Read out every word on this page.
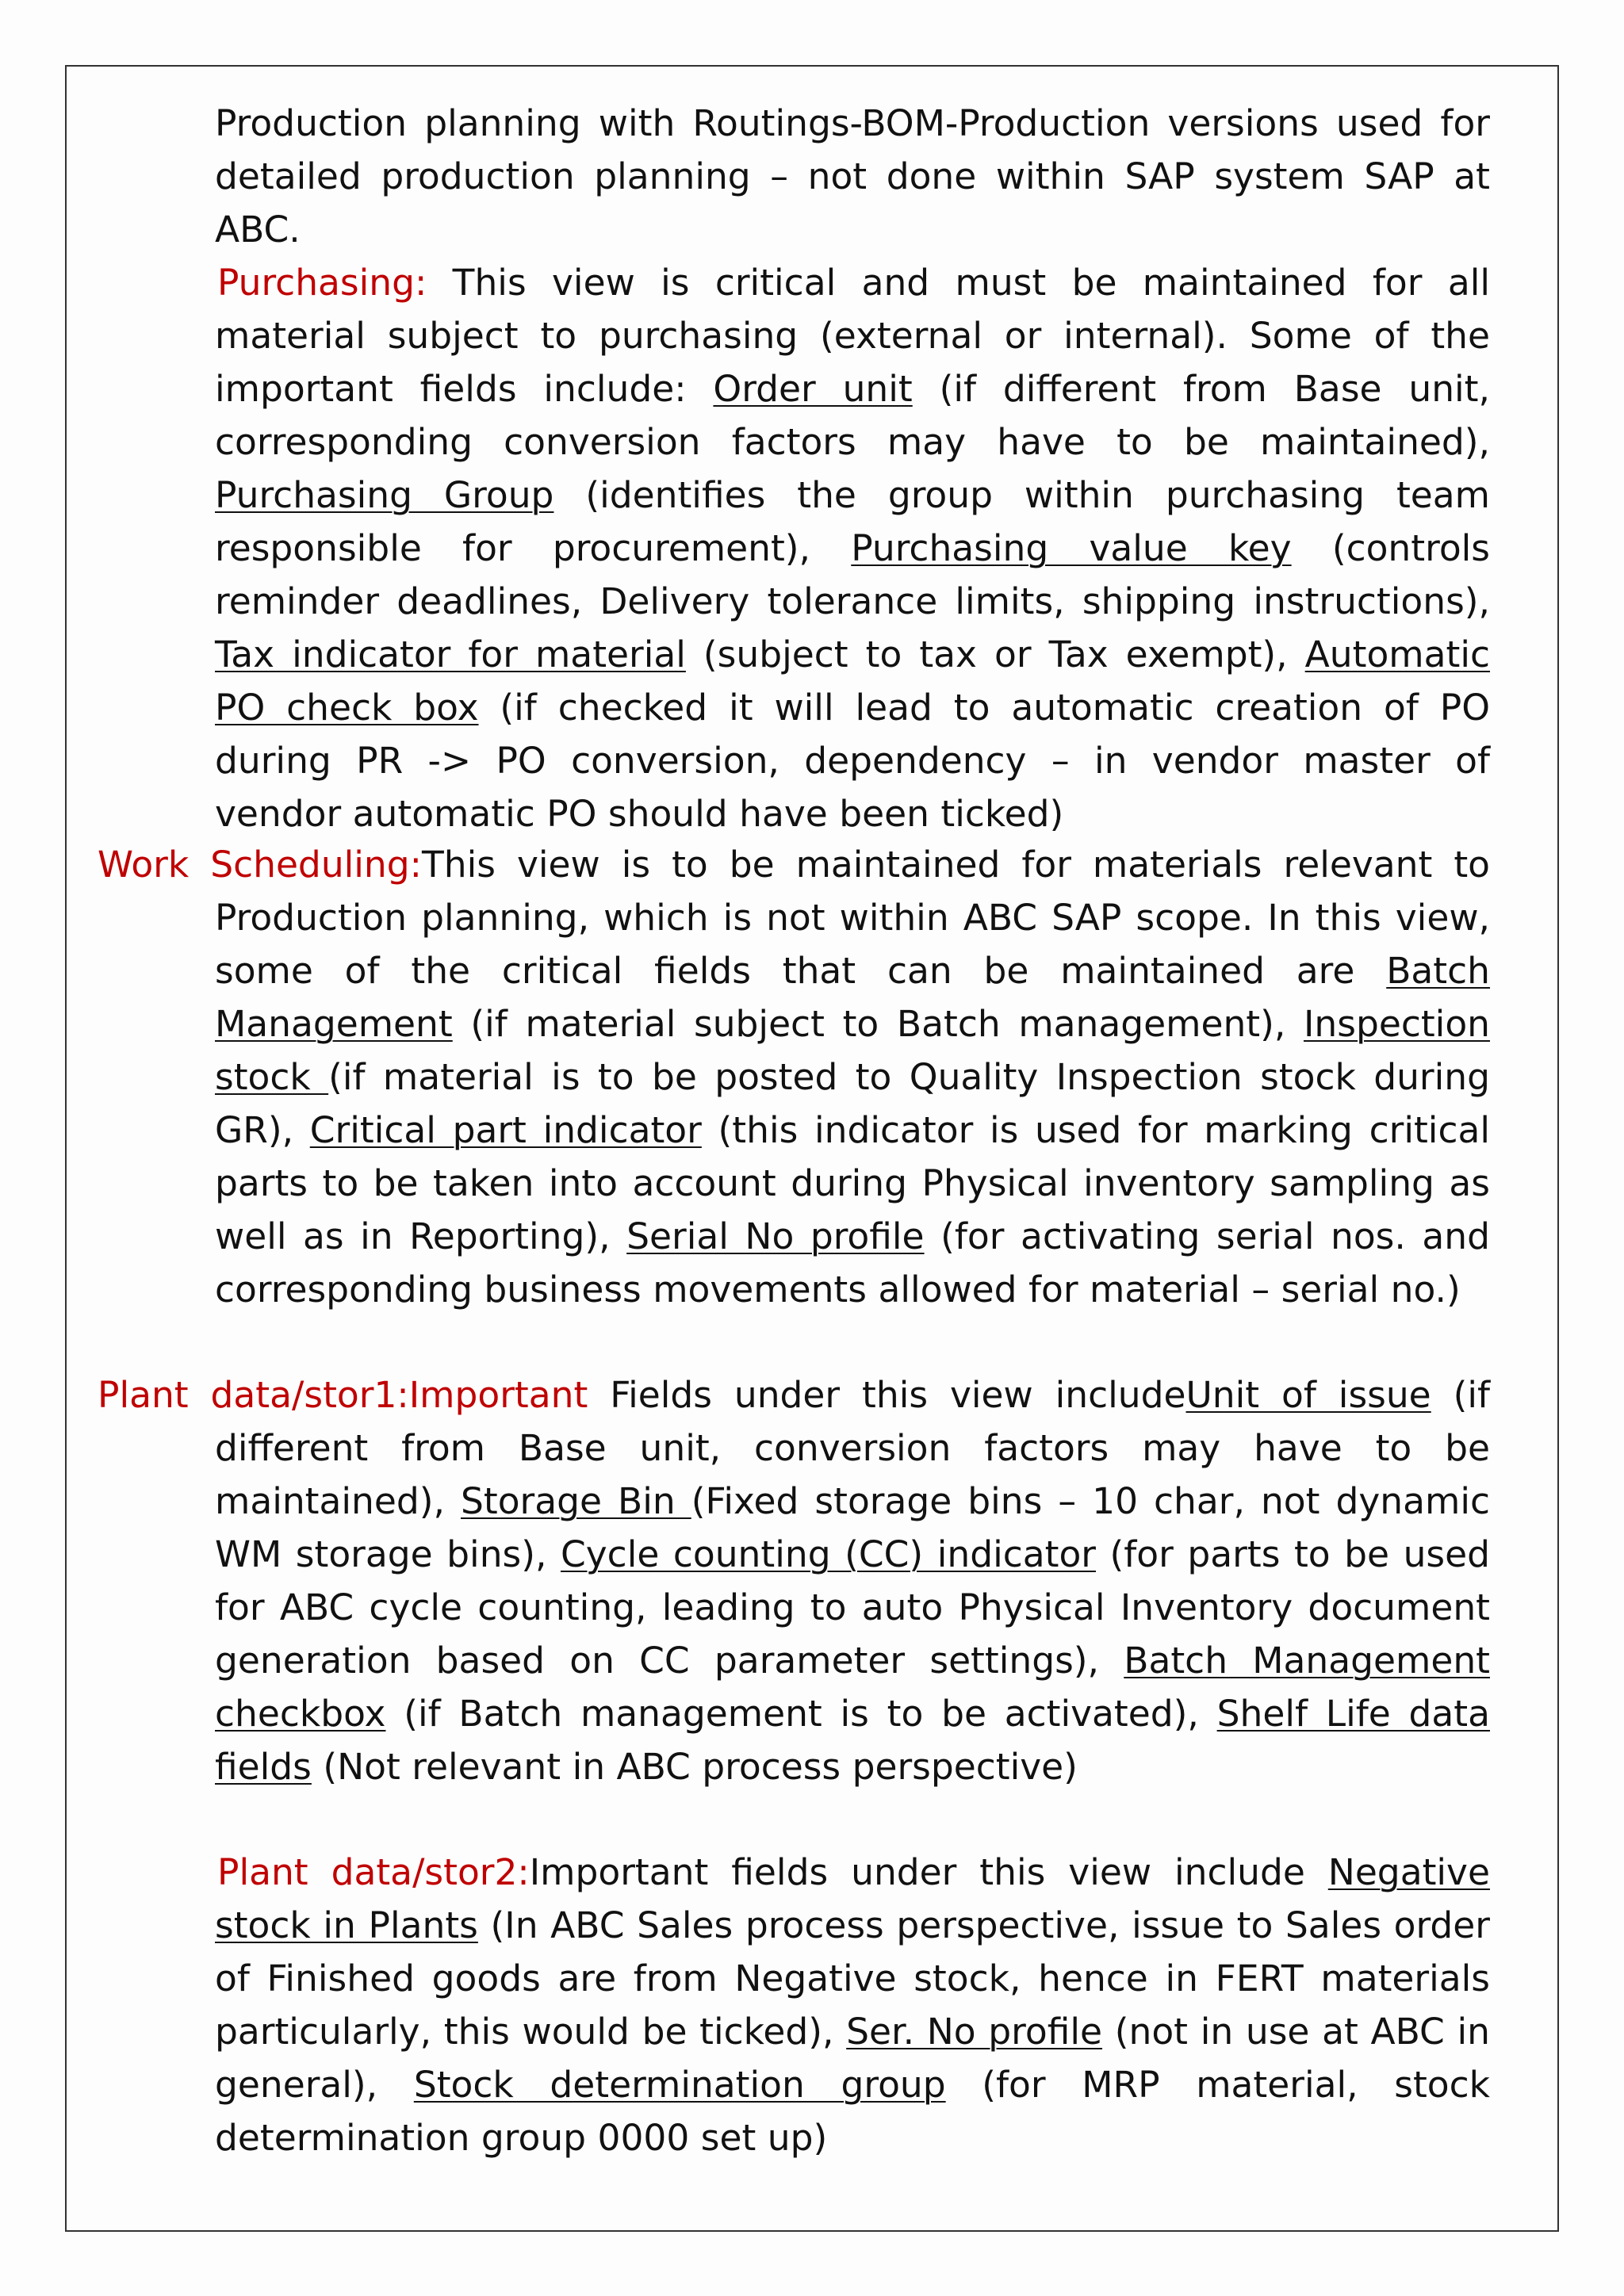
Production planning with Routings-BOM-Production versions used for detailed production planning – not done within SAP system SAP at ABC.

Purchasing: This view is critical and must be maintained for all material subject to purchasing (external or internal). Some of the important fields include: Order unit (if different from Base unit, corresponding conversion factors may have to be maintained), Purchasing Group (identifies the group within purchasing team responsible for procurement), Purchasing value key (controls reminder deadlines, Delivery tolerance limits, shipping instructions), Tax indicator for material (subject to tax or Tax exempt), Automatic PO check box (if checked it will lead to automatic creation of PO during PR -> PO conversion, dependency – in vendor master of vendor automatic PO should have been ticked)

Work Scheduling:This view is to be maintained for materials relevant to Production planning, which is not within ABC SAP scope. In this view, some of the critical fields that can be maintained are Batch Management (if material subject to Batch management), Inspection stock (if material is to be posted to Quality Inspection stock during GR), Critical part indicator (this indicator is used for marking critical parts to be taken into account during Physical inventory sampling as well as in Reporting), Serial No profile (for activating serial nos. and corresponding business movements allowed for material – serial no.)

Plant data/stor1:Important Fields under this view includeUnit of issue (if different from Base unit, conversion factors may have to be maintained), Storage Bin (Fixed storage bins – 10 char, not dynamic WM storage bins), Cycle counting (CC) indicator (for parts to be used for ABC cycle counting, leading to auto Physical Inventory document generation based on CC parameter settings), Batch Management checkbox (if Batch management is to be activated), Shelf Life data fields (Not relevant in ABC process perspective)

Plant data/stor2:Important fields under this view include Negative stock in Plants (In ABC Sales process perspective, issue to Sales order of Finished goods are from Negative stock, hence in FERT materials particularly, this would be ticked), Ser. No profile (not in use at ABC in general), Stock determination group (for MRP material, stock determination group 0000 set up)
